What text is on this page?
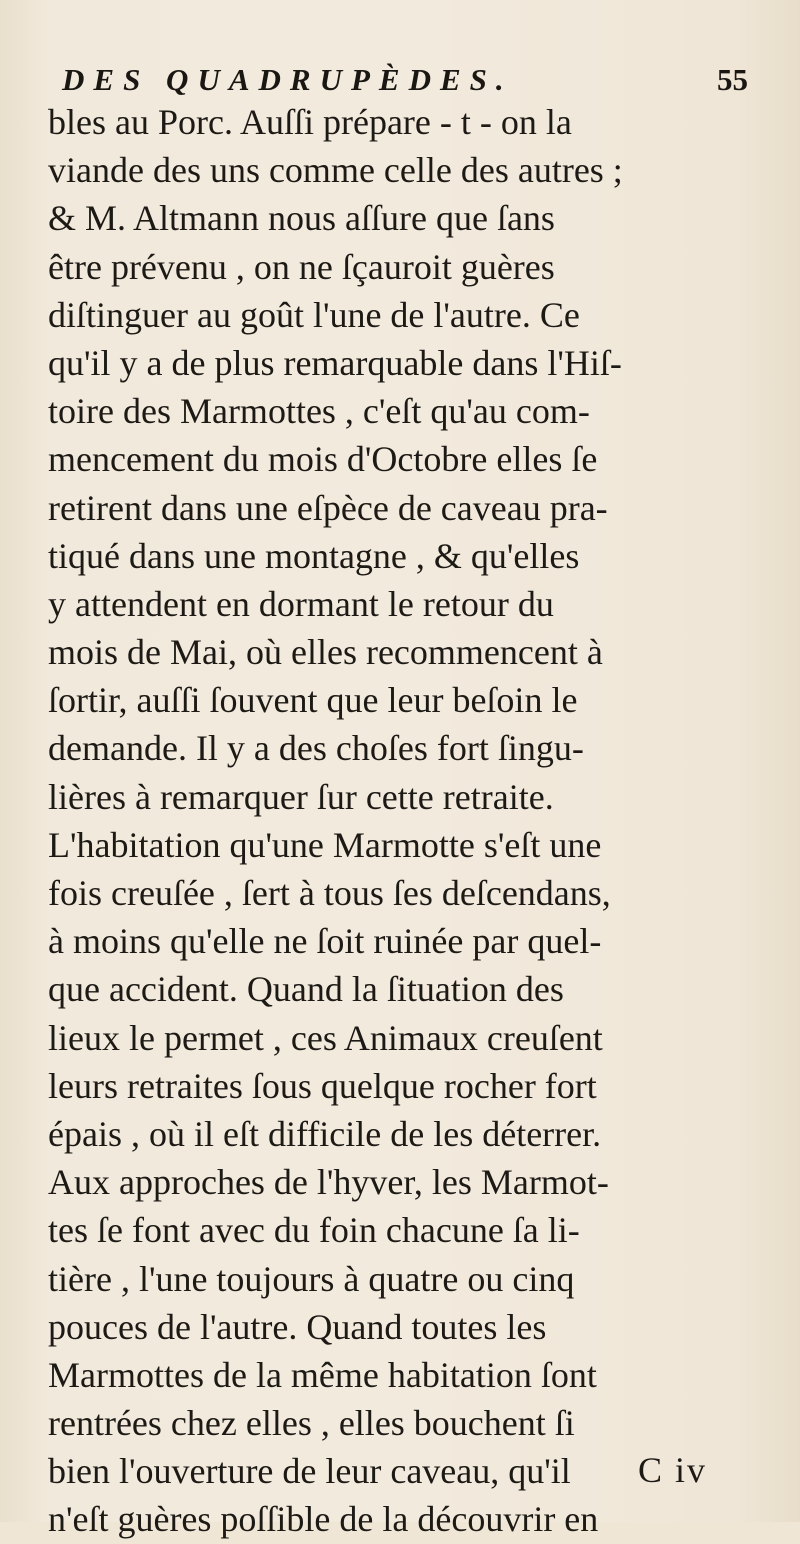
DES QUADRUPÈDES.	55
bles au Porc. Auſſi prépare - t - on la
viande des uns comme celle des autres ;
& M. Altmann nous aſſure que ſans
être prévenu , on ne ſçauroit guères
diſtinguer au goût l'une de l'autre. Ce
qu'il y a de plus remarquable dans l'Hiſ-
toire des Marmottes , c'eſt qu'au com-
mencement du mois d'Octobre elles ſe
retirent dans une eſpèce de caveau pra-
tiqué dans une montagne , & qu'elles
y attendent en dormant le retour du
mois de Mai, où elles recommencent à
ſortir, auſſi ſouvent que leur beſoin le
demande. Il y a des choſes fort ſingu-
lières à remarquer ſur cette retraite.
L'habitation qu'une Marmotte s'eſt une
fois creuſée , ſert à tous ſes deſcendans,
à moins qu'elle ne ſoit ruinée par quel-
que accident. Quand la ſituation des
lieux le permet , ces Animaux creuſent
leurs retraites ſous quelque rocher fort
épais , où il eſt difficile de les déterrer.
Aux approches de l'hyver, les Marmot-
tes ſe font avec du foin chacune ſa li-
tière , l'une toujours à quatre ou cinq
pouces de l'autre. Quand toutes les
Marmottes de la même habitation ſont
rentrées chez elles , elles bouchent ſi
bien l'ouverture de leur caveau, qu'il
n'eſt guères poſſible de la découvrir en
C iv
